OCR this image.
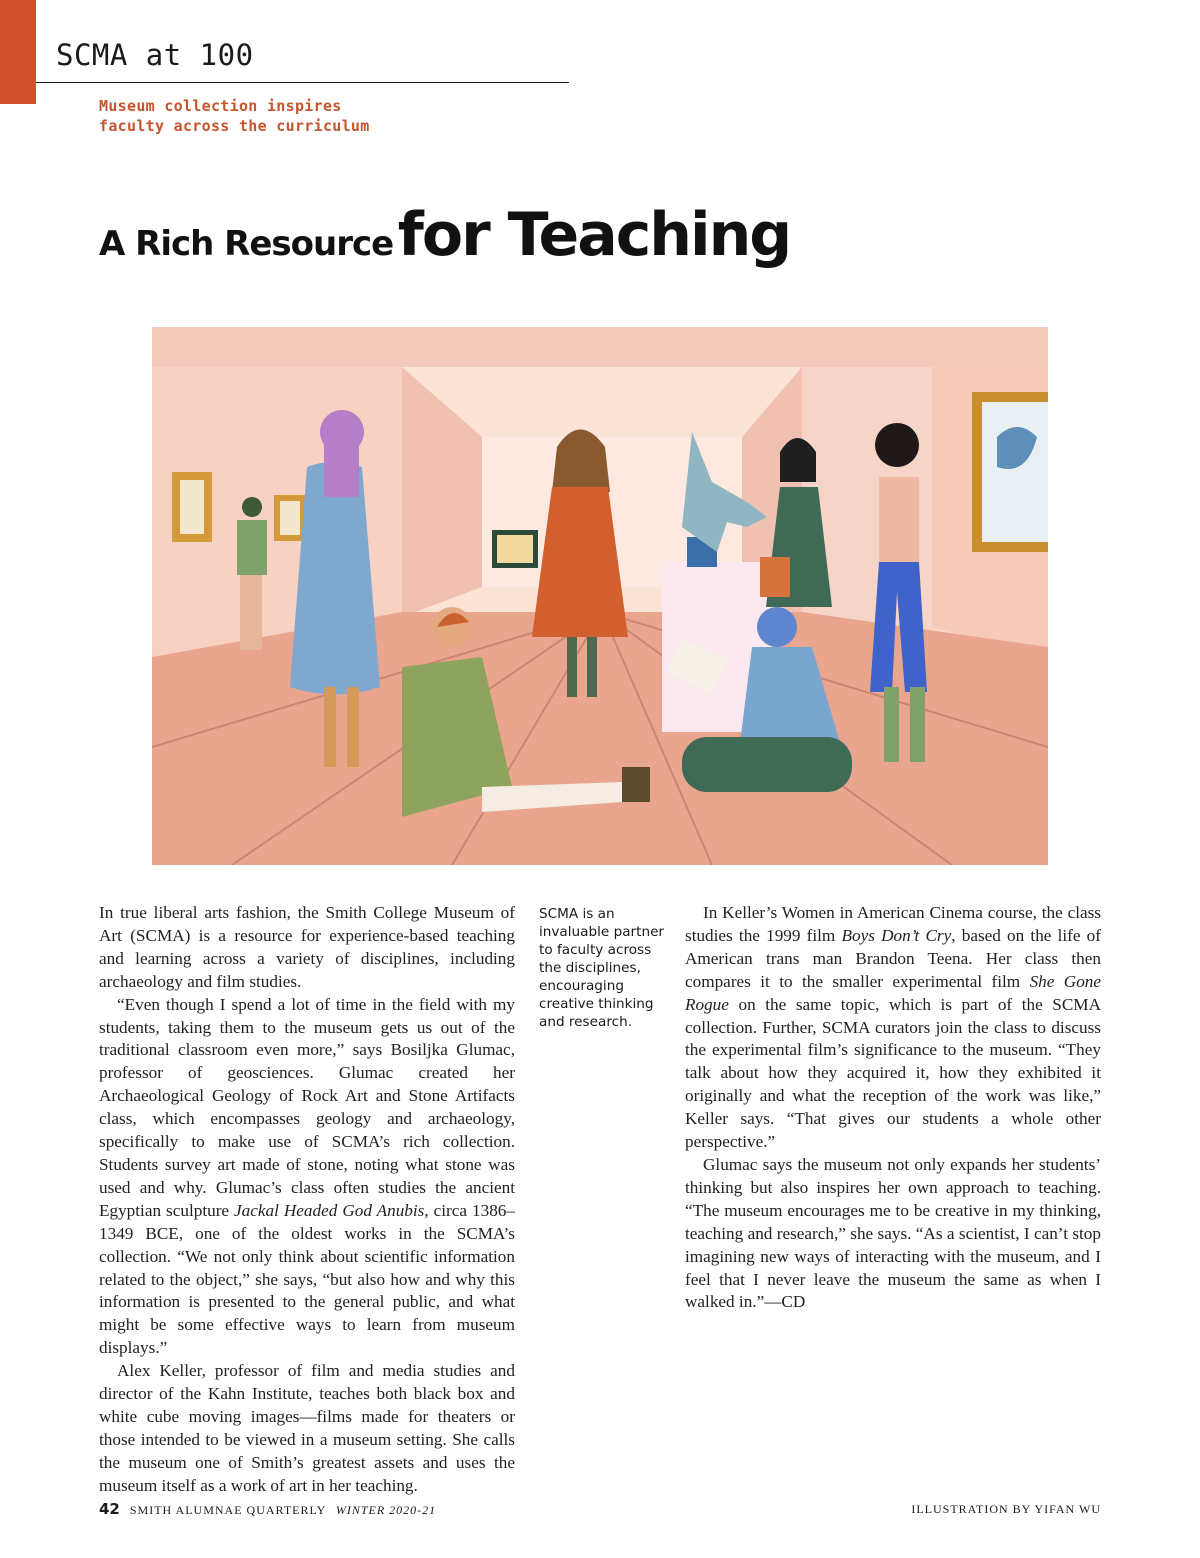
SCMA at 100
Museum collection inspires
faculty across the curriculum
A Rich Resource for Teaching

In true liberal arts fashion, the Smith College Museum of Art (SCMA) is a resource for experience-based teaching and learning across a variety of disciplines, including archaeology and film studies.

“Even though I spend a lot of time in the field with my students, taking them to the museum gets us out of the traditional classroom even more,” says Bosiljka Glumac, professor of geosciences. Glumac created her Archaeological Geology of Rock Art and Stone Artifacts class, which encompasses geology and archaeology, specifically to make use of SCMA’s rich collection. Students survey art made of stone, noting what stone was used and why. Glumac’s class often studies the ancient Egyptian sculpture Jackal Headed God Anubis, circa 1386–1349 BCE, one of the oldest works in the SCMA’s collection. “We not only think about scientific information related to the object,” she says, “but also how and why this information is presented to the general public, and what might be some effective ways to learn from museum displays.”

Alex Keller, professor of film and media studies and director of the Kahn Institute, teaches both black box and white cube moving images—films made for theaters or those intended to be viewed in a museum setting. She calls the museum one of Smith’s greatest assets and uses the museum itself as a work of art in her teaching.

SCMA is an invaluable partner to faculty across the disciplines, encouraging creative thinking and research.

In Keller’s Women in American Cinema course, the class studies the 1999 film Boys Don’t Cry, based on the life of American trans man Brandon Teena. Her class then compares it to the smaller experimental film She Gone Rogue on the same topic, which is part of the SCMA collection. Further, SCMA curators join the class to discuss the experimental film’s significance to the museum. “They talk about how they acquired it, how they exhibited it originally and what the reception of the work was like,” Keller says. “That gives our students a whole other perspective.”

Glumac says the museum not only expands her students’ thinking but also inspires her own approach to teaching. “The museum encourages me to be creative in my thinking, teaching and research,” she says. “As a scientist, I can’t stop imagining new ways of interacting with the museum, and I feel that I never leave the museum the same as when I walked in.”—CD

42 SMITH ALUMNAE QUARTERLY WINTER 2020-21	ILLUSTRATION BY YIFAN WU
